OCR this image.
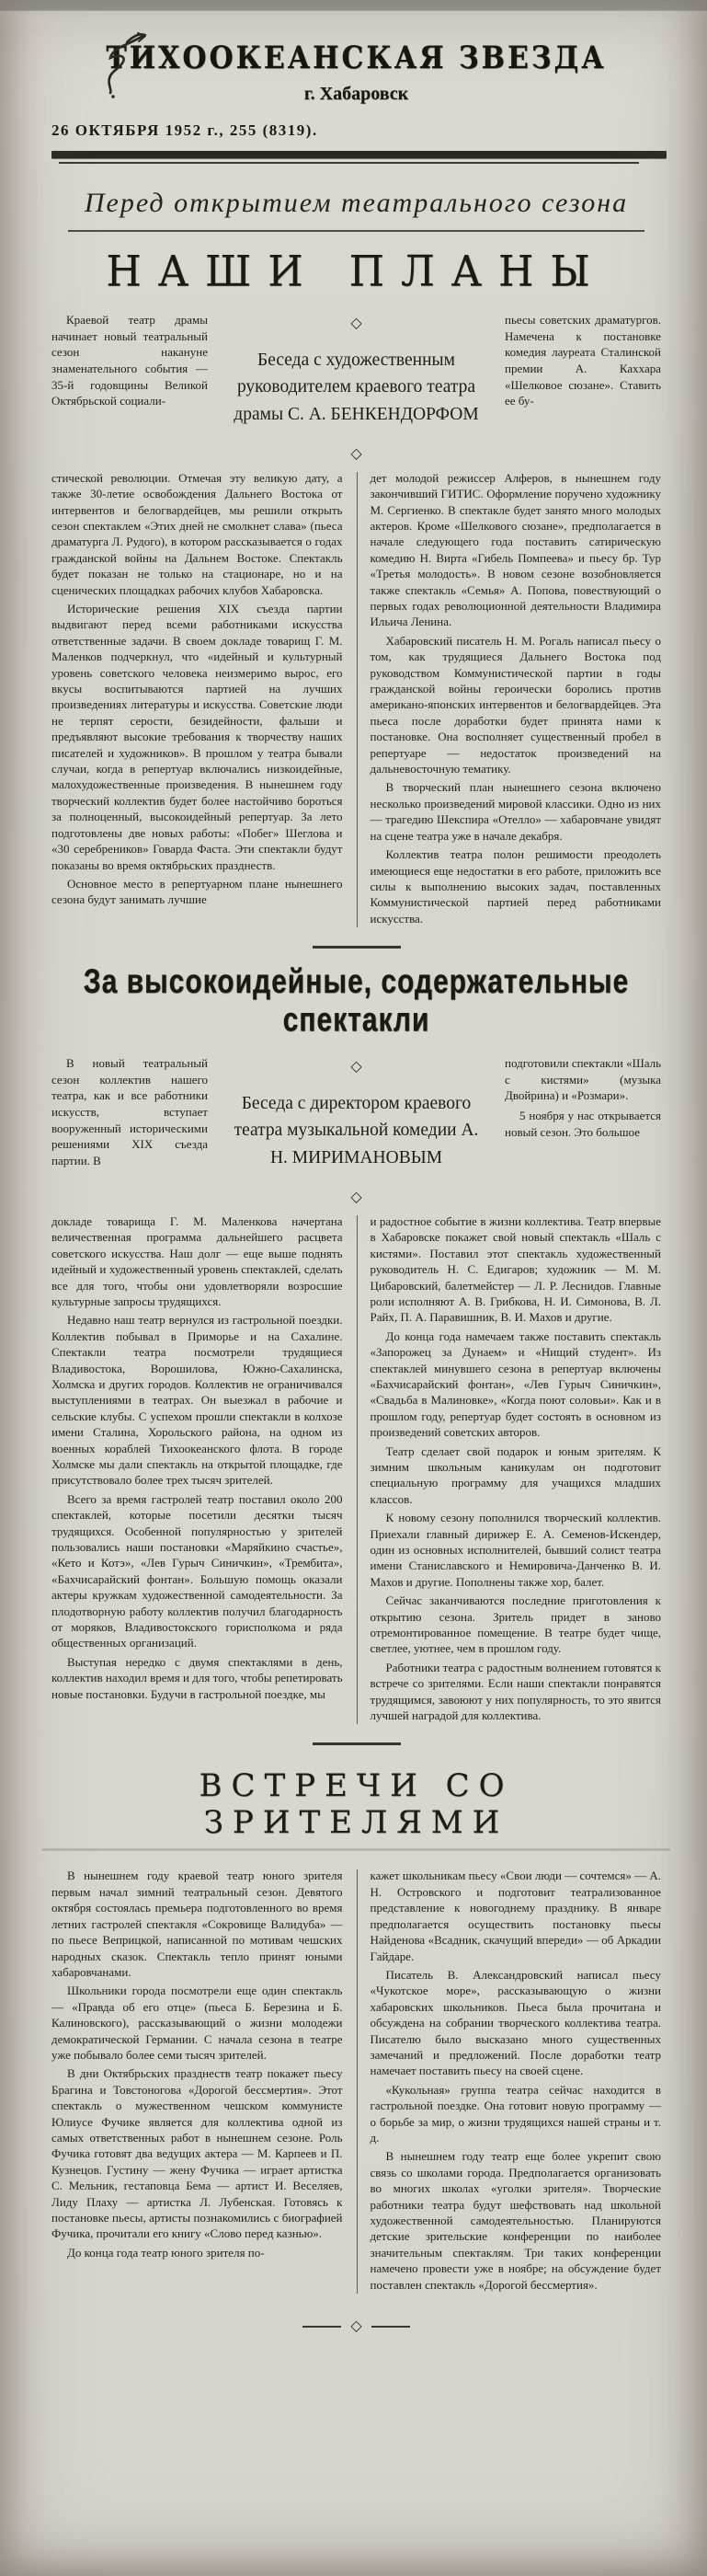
ТИХООКЕАНСКАЯ ЗВЕЗДА
г. Хабаровск
26 ОКТЯБРЯ 1952 г., 255 (8319).
Перед открытием театрального сезона
НАШИ ПЛАНЫ

Краевой театр драмы начинает новый театральный сезон накануне знаменательного события — 35-й годовщины Великой Октябрьской социали-

◇

Беседа с художественным руководителем краевого театра драмы С. А. БЕНКЕНДОРФОМ

◇

пьесы советских драматургов. Намечена к постановке комедия лауреата Сталинской премии А. Каххара «Шелковое сюзане». Ставить ее бу-

стической революции. Отмечая эту великую дату, а также 30-летие освобождения Дальнего Востока от интервентов и белогвардейцев, мы решили открыть сезон спектаклем «Этих дней не смолкнет слава» (пьеса драматурга Л. Рудого), в котором рассказывается о годах гражданской войны на Дальнем Востоке. Спектакль будет показан не только на стационаре, но и на сценических площадках рабочих клубов Хабаровска.

Исторические решения XIX съезда партии выдвигают перед всеми работниками искусства ответственные задачи. В своем докладе товарищ Г. М. Маленков подчеркнул, что «идейный и культурный уровень советского человека неизмеримо вырос, его вкусы воспитываются партией на лучших произведениях литературы и искусства. Советские люди не терпят серости, безидейности, фальши и предъявляют высокие требования к творчеству наших писателей и художников». В прошлом у театра бывали случаи, когда в репертуар включались низкоидейные, малохудожественные произведения. В нынешнем году творческий коллектив будет более настойчиво бороться за полноценный, высокоидейный репертуар. За лето подготовлены две новых работы: «Побег» Шеглова и «30 серебреников» Говарда Фаста. Эти спектакли будут показаны во время октябрьских празднеств.

Основное место в репертуарном плане нынешнего сезона будут занимать лучшие

дет молодой режиссер Алферов, в нынешнем году закончивший ГИТИС. Оформление поручено художнику М. Сергиенко. В спектакле будет занято много молодых актеров. Кроме «Шелкового сюзане», предполагается в начале следующего года поставить сатирическую комедию Н. Вирта «Гибель Помпеева» и пьесу бр. Тур «Третья молодость». В новом сезоне возобновляется также спектакль «Семья» А. Попова, повествующий о первых годах революционной деятельности Владимира Ильича Ленина.

Хабаровский писатель Н. М. Рогаль написал пьесу о том, как трудящиеся Дальнего Востока под руководством Коммунистической партии в годы гражданской войны героически боролись против американо-японских интервентов и белогвардейцев. Эта пьеса после доработки будет принята нами к постановке. Она восполняет существенный пробел в репертуаре — недостаток произведений на дальневосточную тематику.

В творческий план нынешнего сезона включено несколько произведений мировой классики. Одно из них — трагедию Шекспира «Отелло» — хабаровчане увидят на сцене театра уже в начале декабря.

Коллектив театра полон решимости преодолеть имеющиеся еще недостатки в его работе, приложить все силы к выполнению высоких задач, поставленных Коммунистической партией перед работниками искусства.

За высокоидейные, содержательные спектакли

В новый театральный сезон коллектив нашего театра, как и все работники искусств, вступает вооруженный историческими решениями XIX съезда партии. В

◇

Беседа с директором краевого театра музыкальной комедии А. Н. МИРИМАНОВЫМ

◇

подготовили спектакли «Шаль с кистями» (музыка Двойрина) и «Розмари».

5 ноября у нас открывается новый сезон. Это большое

докладе товарища Г. М. Маленкова начертана величественная программа дальнейшего расцвета советского искусства. Наш долг — еще выше поднять идейный и художественный уровень спектаклей, сделать все для того, чтобы они удовлетворяли возросшие культурные запросы трудящихся.

Недавно наш театр вернулся из гастрольной поездки. Коллектив побывал в Приморье и на Сахалине. Спектакли театра посмотрели трудящиеся Владивостока, Ворошилова, Южно-Сахалинска, Холмска и других городов. Коллектив не ограничивался выступлениями в театрах. Он выезжал в рабочие и сельские клубы. С успехом прошли спектакли в колхозе имени Сталина, Хорольского района, на одном из военных кораблей Тихоокеанского флота. В городе Холмске мы дали спектакль на открытой площадке, где присутствовало более трех тысяч зрителей.

Всего за время гастролей театр поставил около 200 спектаклей, которые посетили десятки тысяч трудящихся. Особенной популярностью у зрителей пользовались наши постановки «Маряйкино счастье», «Кето и Котэ», «Лев Гурыч Синичкин», «Трембита», «Бахчисарайский фонтан». Большую помощь оказали актеры кружкам художественной самодеятельности. За плодотворную работу коллектив получил благодарность от моряков, Владивостокского горисполкома и ряда общественных организаций.

Выступая нередко с двумя спектаклями в день, коллектив находил время и для того, чтобы репетировать новые постановки. Будучи в гастрольной поездке, мы

и радостное событие в жизни коллектива. Театр впервые в Хабаровске покажет свой новый спектакль «Шаль с кистями». Поставил этот спектакль художественный руководитель Н. С. Едигаров; художник — М. М. Цибаровский, балетмейстер — Л. Р. Леснидов. Главные роли исполняют А. В. Грибкова, Н. И. Симонова, В. Л. Райх, П. А. Паравишник, В. И. Махов и другие.

До конца года намечаем также поставить спектакль «Запорожец за Дунаем» и «Нищий студент». Из спектаклей минувшего сезона в репертуар включены «Бахчисарайский фонтан», «Лев Гурыч Синичкин», «Свадьба в Малиновке», «Когда поют соловьи». Как и в прошлом году, репертуар будет состоять в основном из произведений советских авторов.

Театр сделает свой подарок и юным зрителям. К зимним школьным каникулам он подготовит специальную программу для учащихся младших классов.

К новому сезону пополнился творческий коллектив. Приехали главный дирижер Е. А. Семенов-Искендер, один из основных исполнителей, бывший солист театра имени Станиславского и Немировича-Данченко В. И. Махов и другие. Пополнены также хор, балет.

Сейчас заканчиваются последние приготовления к открытию сезона. Зритель придет в заново отремонтированное помещение. В театре будет чище, светлее, уютнее, чем в прошлом году.

Работники театра с радостным волнением готовятся к встрече со зрителями. Если наши спектакли понравятся трудящимся, завоюют у них популярность, то это явится лучшей наградой для коллектива.

ВСТРЕЧИ СО ЗРИТЕЛЯМИ

В нынешнем году краевой театр юного зрителя первым начал зимний театральный сезон. Девятого октября состоялась премьера подготовленного во время летних гастролей спектакля «Сокровище Валидуба» — по пьесе Веприцкой, написанной по мотивам чешских народных сказок. Спектакль тепло принят юными хабаровчанами.

Школьники города посмотрели еще один спектакль — «Правда об его отце» (пьеса Б. Березина и Б. Калиновского), рассказывающий о жизни молодежи демократической Германии. С начала сезона в театре уже побывало более семи тысяч зрителей.

В дни Октябрьских празднеств театр покажет пьесу Брагина и Товстоногова «Дорогой бессмертия». Этот спектакль о мужественном чешском коммунисте Юлиусе Фучике является для коллектива одной из самых ответственных работ в нынешнем сезоне. Роль Фучика готовят два ведущих актера — М. Карпеев и П. Кузнецов. Густину — жену Фучика — играет артистка С. Мельник, гестаповца Бема — артист И. Веселяев, Лиду Плаху — артистка Л. Лубенская. Готовясь к постановке пьесы, артисты познакомились с биографией Фучика, прочитали его книгу «Слово перед казнью».

До конца года театр юного зрителя по-

кажет школьникам пьесу «Свои люди — сочтемся» — А. Н. Островского и подготовит театрализованное представление к новогоднему празднику. В январе предполагается осуществить постановку пьесы Найденова «Всадник, скачущий впереди» — об Аркадии Гайдаре.

Писатель В. Александровский написал пьесу «Чукотское море», рассказывающую о жизни хабаровских школьников. Пьеса была прочитана и обсуждена на собрании творческого коллектива театра. Писателю было высказано много существенных замечаний и предложений. После доработки театр намечает поставить пьесу на своей сцене.

«Кукольная» группа театра сейчас находится в гастрольной поездке. Она готовит новую программу — о борьбе за мир, о жизни трудящихся нашей страны и т. д.

В нынешнем году театр еще более укрепит свою связь со школами города. Предполагается организовать во многих школах «уголки зрителя». Творческие работники театра будут шефствовать над школьной художественной самодеятельностью. Планируются детские зрительские конференции по наиболее значительным спектаклям. Три таких конференции намечено провести уже в ноябре; на обсуждение будет поставлен спектакль «Дорогой бессмертия».

◇
